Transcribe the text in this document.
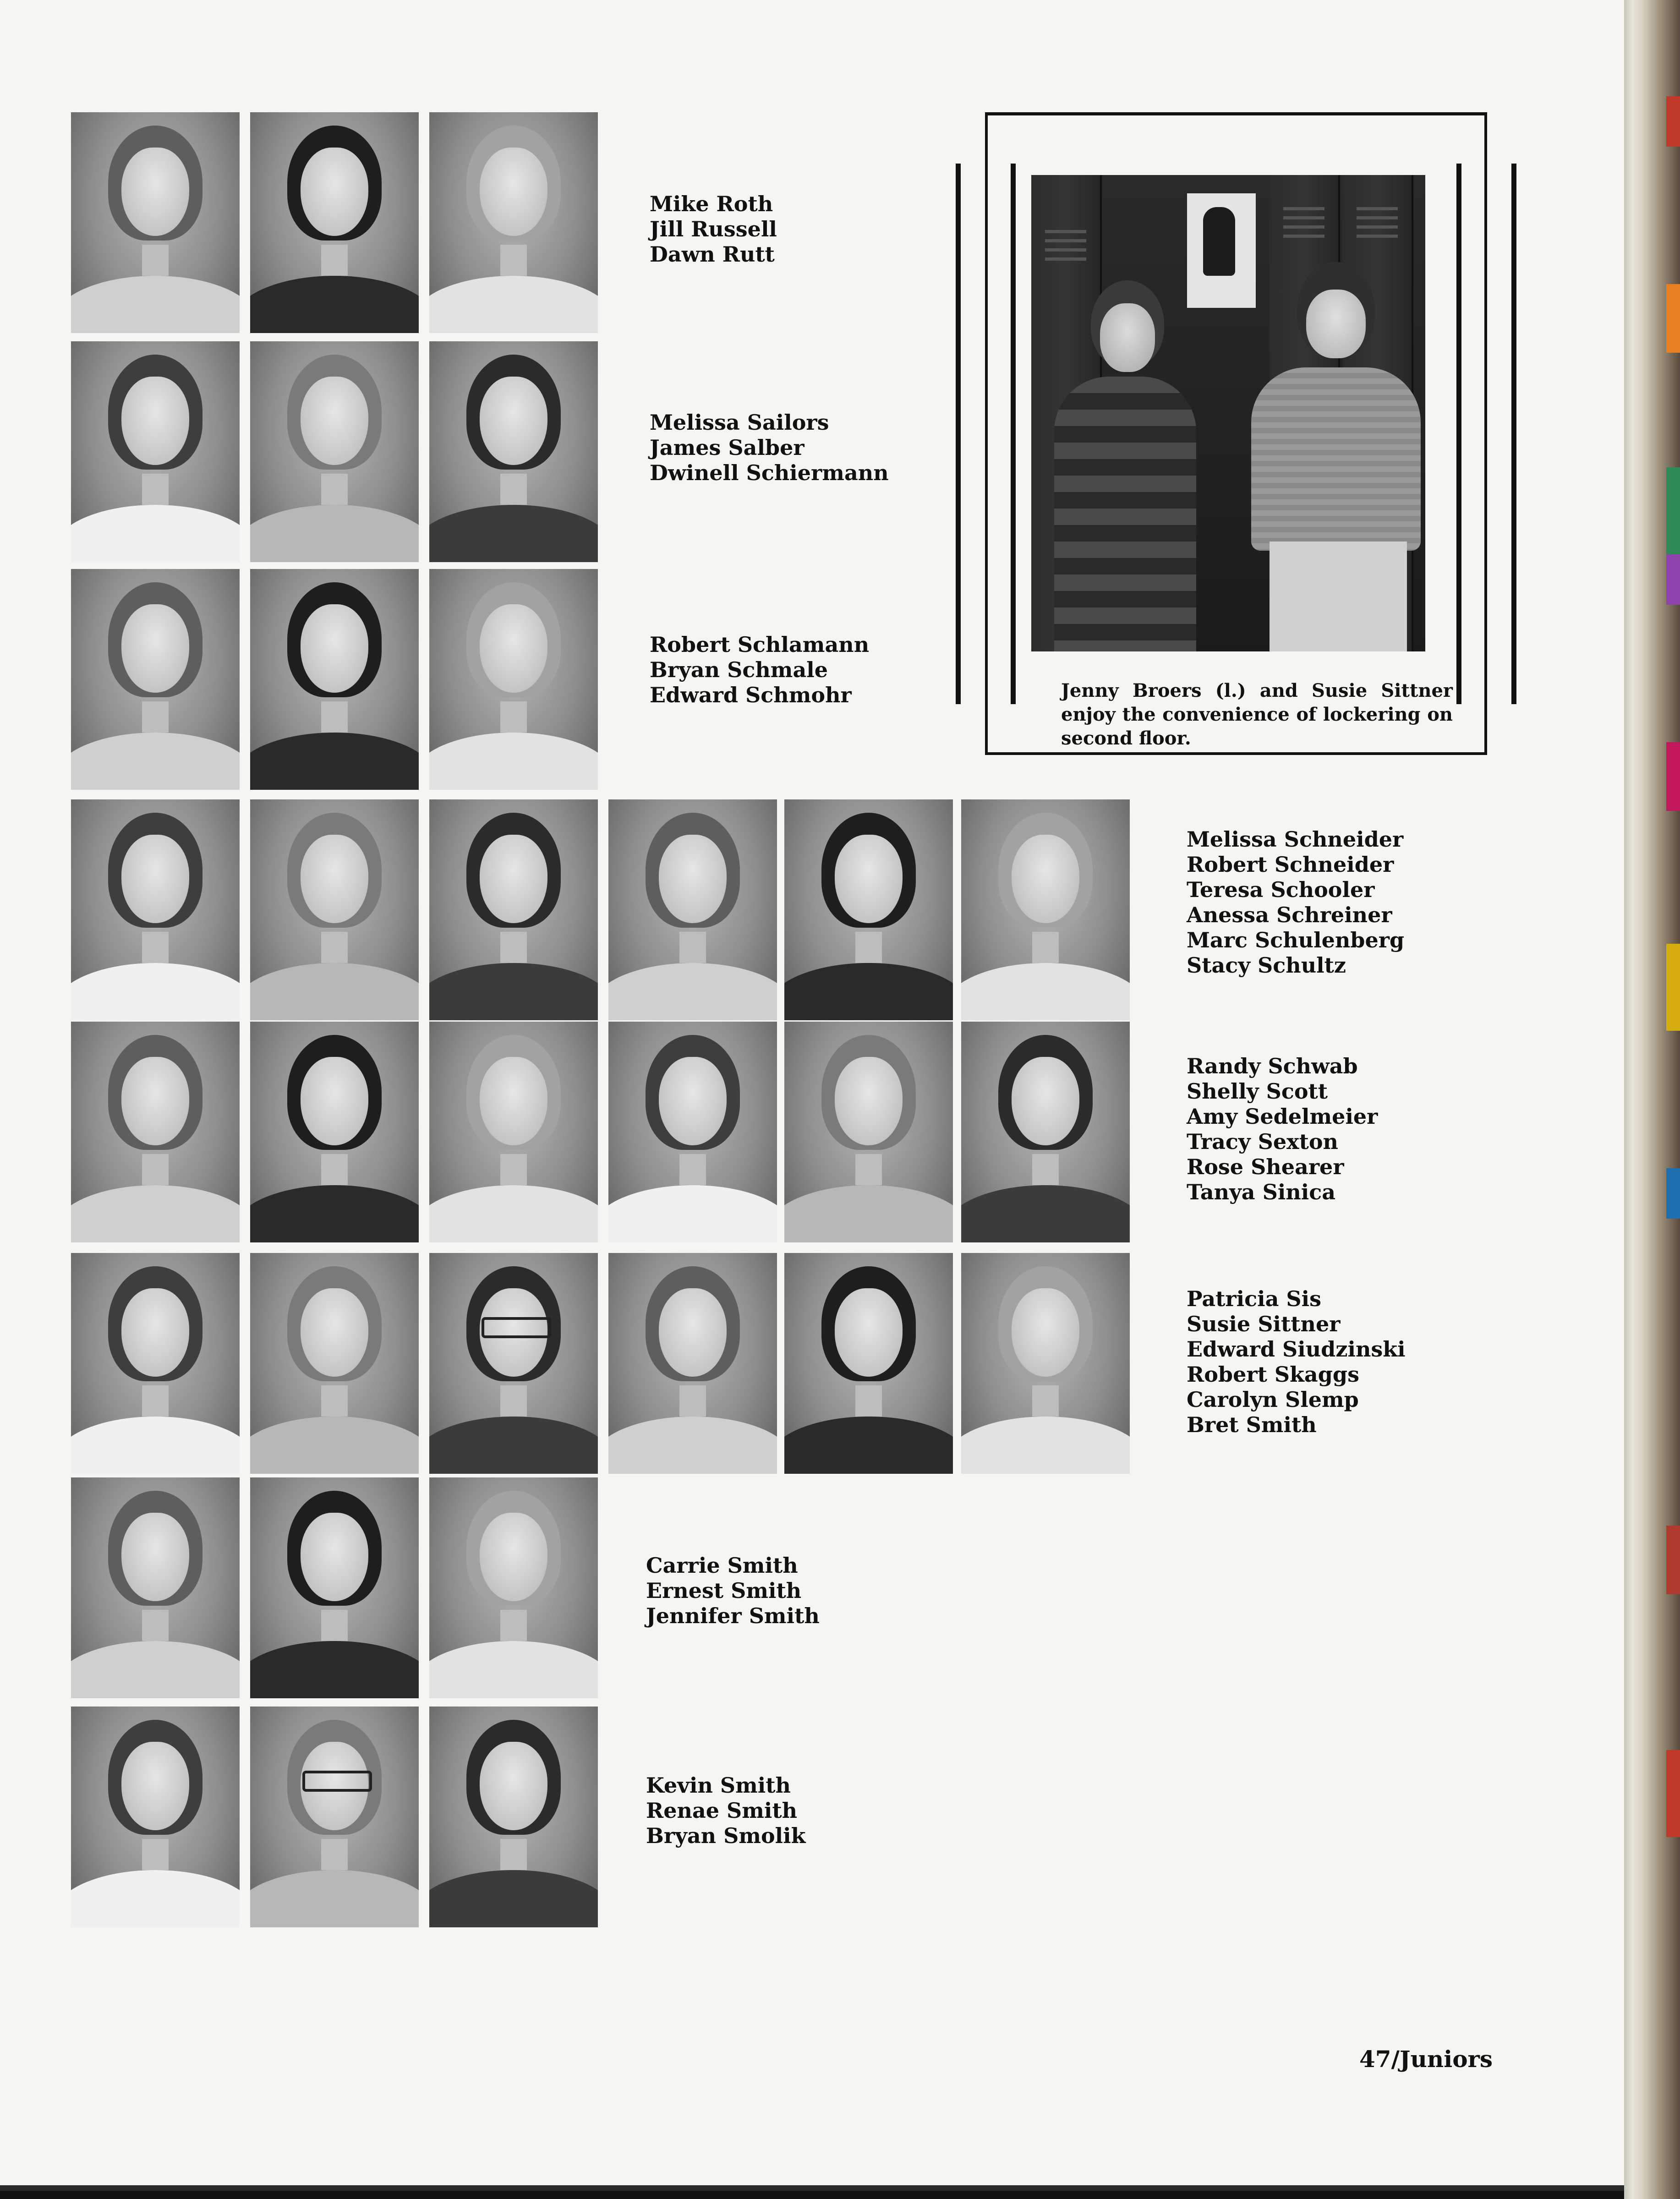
Mike Roth
Jill Russell
Dawn Rutt
Melissa Sailors
James Salber
Dwinell Schiermann
Robert Schlamann
Bryan Schmale
Edward Schmohr
Melissa Schneider
Robert Schneider
Teresa Schooler
Anessa Schreiner
Marc Schulenberg
Stacy Schultz
Randy Schwab
Shelly Scott
Amy Sedelmeier
Tracy Sexton
Rose Shearer
Tanya Sinica
Patricia Sis
Susie Sittner
Edward Siudzinski
Robert Skaggs
Carolyn Slemp
Bret Smith
Carrie Smith
Ernest Smith
Jennifer Smith
Kevin Smith
Renae Smith
Bryan Smolik
Jenny Broers (l.) and Susie Sittner enjoy the convenience of lockering on second floor.
47/Juniors
